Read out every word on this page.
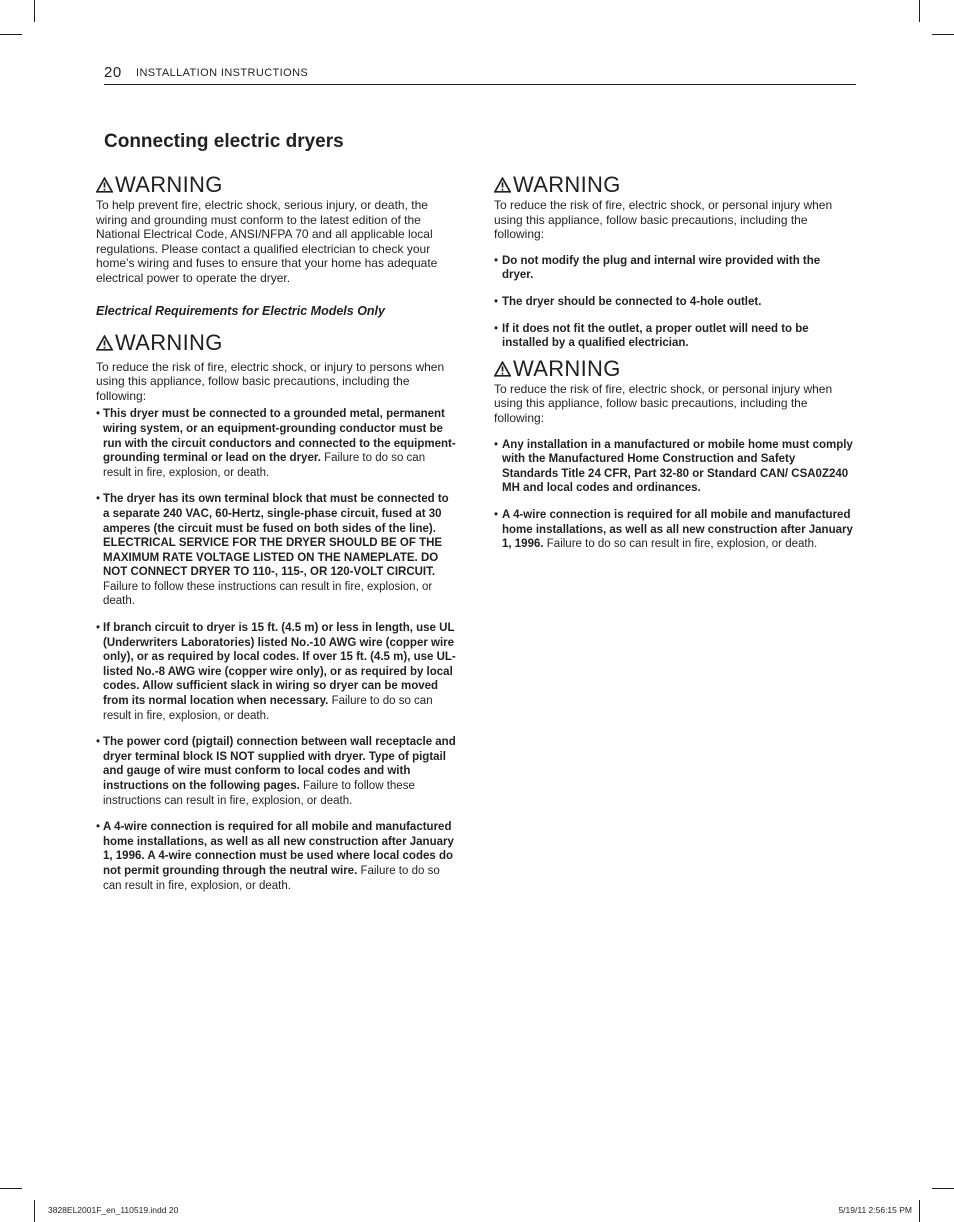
20 INSTALLATION INSTRUCTIONS
Connecting electric dryers
WARNING

To help prevent fire, electric shock, serious injury, or death, the wiring and grounding must conform to the latest edition of the National Electrical Code, ANSI/NFPA 70 and all applicable local regulations. Please contact a qualified electrician to check your home’s wiring and fuses to ensure that your home has adequate electrical power to operate the dryer.

Electrical Requirements for Electric Models Only

WARNING

To reduce the risk of fire, electric shock, or injury to persons when using this appliance, follow basic precautions, including the following:

• This dryer must be connected to a grounded metal, permanent wiring system, or an equipment-grounding conductor must be run with the circuit conductors and connected to the equipment-grounding terminal or lead on the dryer. Failure to do so can result in fire, explosion, or death.
• The dryer has its own terminal block that must be connected to a separate 240 VAC, 60-Hertz, single-phase circuit, fused at 30 amperes (the circuit must be fused on both sides of the line). ELECTRICAL SERVICE FOR THE DRYER SHOULD BE OF THE MAXIMUM RATE VOLTAGE LISTED ON THE NAMEPLATE. DO NOT CONNECT DRYER TO 110-, 115-, OR 120-VOLT CIRCUIT. Failure to follow these instructions can result in fire, explosion, or death.
• If branch circuit to dryer is 15 ft. (4.5 m) or less in length, use UL (Underwriters Laboratories) listed No.-10 AWG wire (copper wire only), or as required by local codes. If over 15 ft. (4.5 m), use UL-listed No.-8 AWG wire (copper wire only), or as required by local codes. Allow sufficient slack in wiring so dryer can be moved from its normal location when necessary. Failure to do so can result in fire, explosion, or death.
• The power cord (pigtail) connection between wall receptacle and dryer terminal block IS NOT supplied with dryer. Type of pigtail and gauge of wire must conform to local codes and with instructions on the following pages. Failure to follow these instructions can result in fire, explosion, or death.
• A 4-wire connection is required for all mobile and manufactured home installations, as well as all new construction after January 1, 1996. A 4-wire connection must be used where local codes do not permit grounding through the neutral wire. Failure to do so can result in fire, explosion, or death.
WARNING

To reduce the risk of fire, electric shock, or personal injury when using this appliance, follow basic precautions, including the following:

• Do not modify the plug and internal wire provided with the dryer.
• The dryer should be connected to 4-hole outlet.
• If it does not fit the outlet, a proper outlet will need to be installed by a qualified electrician.
WARNING

To reduce the risk of fire, electric shock, or personal injury when using this appliance, follow basic precautions, including the following:

• Any installation in a manufactured or mobile home must comply with the Manufactured Home Construction and Safety Standards Title 24 CFR, Part 32-80 or Standard CAN/ CSA0Z240 MH and local codes and ordinances.
• A 4-wire connection is required for all mobile and manufactured home installations, as well as all new construction after January 1, 1996. Failure to do so can result in fire, explosion, or death.
3828EL2001F_en_110519.indd 20	5/19/11 2:56:15 PM
